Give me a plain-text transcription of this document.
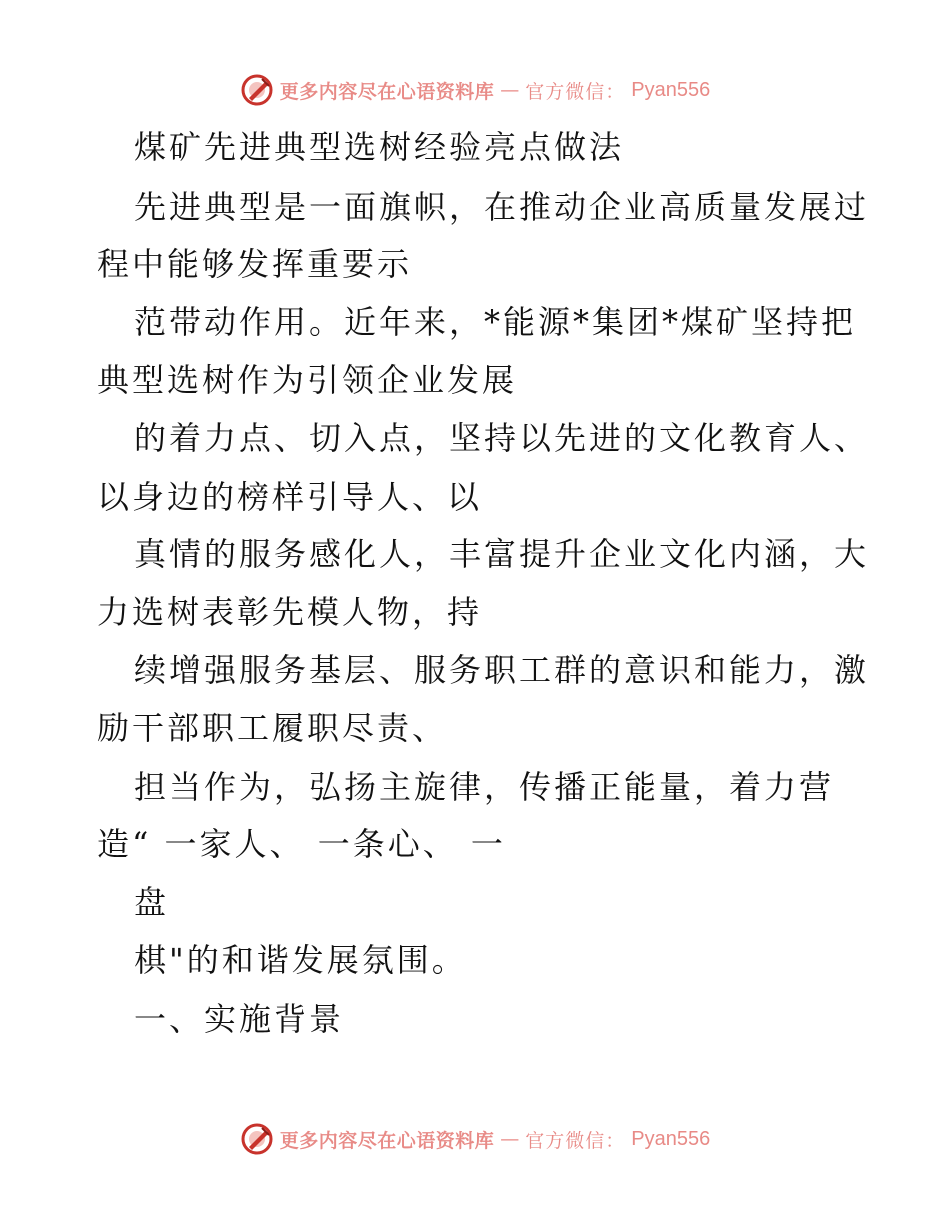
更多内容尽在心语资料库 — 官方微信： Pyan556
煤矿先进典型选树经验亮点做法
先进典型是一面旗帜，在推动企业高质量发展过
程中能够发挥重要示
范带动作用。近年来，*能源*集团*煤矿坚持把
典型选树作为引领企业发展
的着力点、切入点，坚持以先进的文化教育人、
以身边的榜样引导人、以
真情的服务感化人，丰富提升企业文化内涵，大
力选树表彰先模人物，持
续增强服务基层、服务职工群的意识和能力，激
励干部职工履职尽责、
担当作为，弘扬主旋律，传播正能量，着力营
造“ 一家人、 一条心、 一
盘
棋"的和谐发展氛围。
一、实施背景
更多内容尽在心语资料库 — 官方微信： Pyan556
